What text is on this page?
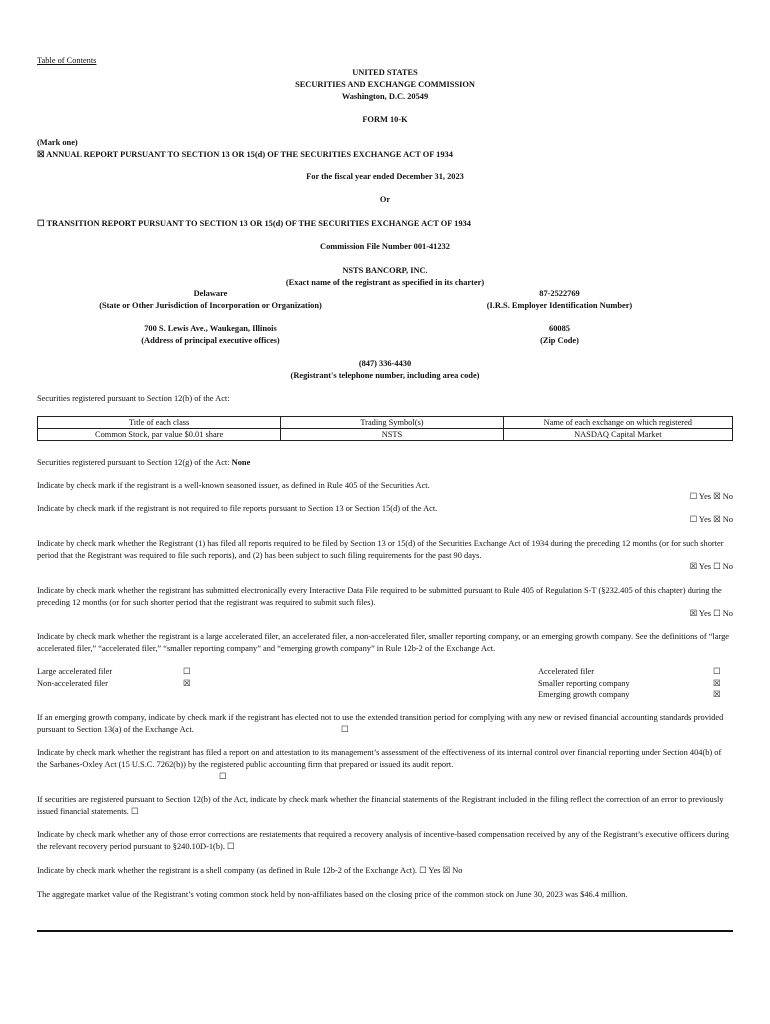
Table of Contents
UNITED STATES
SECURITIES AND EXCHANGE COMMISSION
Washington, D.C. 20549
FORM 10-K
(Mark one)
☒ ANNUAL REPORT PURSUANT TO SECTION 13 OR 15(d) OF THE SECURITIES EXCHANGE ACT OF 1934
For the fiscal year ended December 31, 2023
Or
☐ TRANSITION REPORT PURSUANT TO SECTION 13 OR 15(d) OF THE SECURITIES EXCHANGE ACT OF 1934
Commission File Number 001-41232
NSTS BANCORP, INC.
(Exact name of the registrant as specified in its charter)
Delaware
(State or Other Jurisdiction of Incorporation or Organization)
87-2522769
(I.R.S. Employer Identification Number)
700 S. Lewis Ave., Waukegan, Illinois
(Address of principal executive offices)
60085
(Zip Code)
(847) 336-4430
(Registrant's telephone number, including area code)
Securities registered pursuant to Section 12(b) of the Act:
Title of each class	Trading Symbol(s)	Name of each exchange on which registered
Common Stock, par value $0.01 share	NSTS	NASDAQ Capital Market
Securities registered pursuant to Section 12(g) of the Act: None
Indicate by check mark if the registrant is a well-known seasoned issuer, as defined in Rule 405 of the Securities Act.
☐ Yes ☒ No
Indicate by check mark if the registrant is not required to file reports pursuant to Section 13 or Section 15(d) of the Act.
☐ Yes ☒ No
Indicate by check mark whether the Registrant (1) has filed all reports required to be filed by Section 13 or 15(d) of the Securities Exchange Act of 1934 during the preceding 12 months (or for such shorter period that the Registrant was required to file such reports), and (2) has been subject to such filing requirements for the past 90 days.
☒ Yes ☐ No
Indicate by check mark whether the registrant has submitted electronically every Interactive Data File required to be submitted pursuant to Rule 405 of Regulation S-T (§232.405 of this chapter) during the preceding 12 months (or for such shorter period that the registrant was required to submit such files).
☒ Yes ☐ No
Indicate by check mark whether the registrant is a large accelerated filer, an accelerated filer, a non-accelerated filer, smaller reporting company, or an emerging growth company. See the definitions of “large accelerated filer,” “accelerated filer,” “smaller reporting company” and “emerging growth company” in Rule 12b-2 of the Exchange Act.
Large accelerated filer	☐
Non-accelerated filer	☒
Accelerated filer	☐
Smaller reporting company	☒
Emerging growth company	☒
If an emerging growth company, indicate by check mark if the registrant has elected not to use the extended transition period for complying with any new or revised financial accounting standards provided pursuant to Section 13(a) of the Exchange Act.	☐
Indicate by check mark whether the registrant has filed a report on and attestation to its management’s assessment of the effectiveness of its internal control over financial reporting under Section 404(b) of the Sarbanes-Oxley Act (15 U.S.C. 7262(b)) by the registered public accounting firm that prepared or issued its audit report.
☐
If securities are registered pursuant to Section 12(b) of the Act, indicate by check mark whether the financial statements of the Registrant included in the filing reflect the correction of an error to previously issued financial statements. ☐
Indicate by check mark whether any of those error corrections are restatements that required a recovery analysis of incentive-based compensation received by any of the Registrant’s executive officers during the relevant recovery period pursuant to §240.10D-1(b). ☐
Indicate by check mark whether the registrant is a shell company (as defined in Rule 12b-2 of the Exchange Act). ☐ Yes ☒ No
The aggregate market value of the Registrant’s voting common stock held by non-affiliates based on the closing price of the common stock on June 30, 2023 was $46.4 million.
